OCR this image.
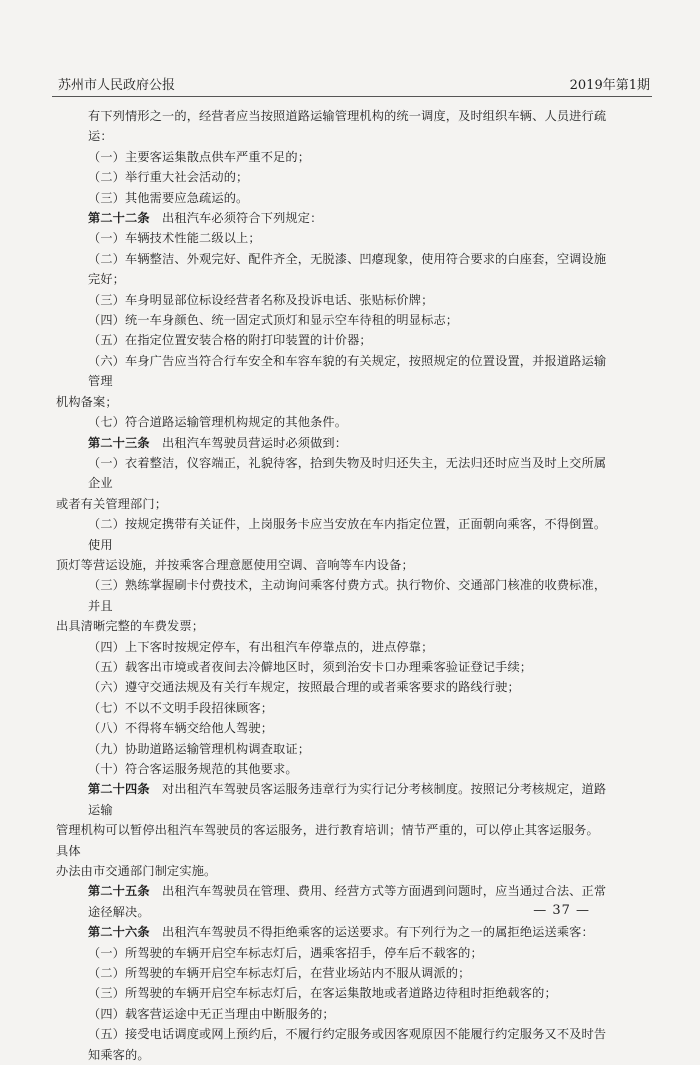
苏州市人民政府公报	2019年第1期

有下列情形之一的，经营者应当按照道路运输管理机构的统一调度，及时组织车辆、人员进行疏运：

（一）主要客运集散点供车严重不足的；

（二）举行重大社会活动的；

（三）其他需要应急疏运的。

第二十二条　 出租汽车必须符合下列规定：

（一）车辆技术性能二级以上；

（二）车辆整洁、外观完好、配件齐全，无脱漆、凹瘪现象，使用符合要求的白座套，空调设施完好；

（三）车身明显部位标设经营者名称及投诉电话、张贴标价牌；

（四）统一车身颜色、统一固定式顶灯和显示空车待租的明显标志；

（五）在指定位置安装合格的附打印装置的计价器；

（六）车身广告应当符合行车安全和车容车貌的有关规定，按照规定的位置设置，并报道路运输管理

机构备案；

（七）符合道路运输管理机构规定的其他条件。

第二十三条　 出租汽车驾驶员营运时必须做到：

（一）衣着整洁，仪容端正，礼貌待客，拾到失物及时归还失主，无法归还时应当及时上交所属企业

或者有关管理部门；

（二）按规定携带有关证件，上岗服务卡应当安放在车内指定位置，正面朝向乘客，不得倒置。使用

顶灯等营运设施，并按乘客合理意愿使用空调、音响等车内设备；

（三）熟练掌握刷卡付费技术，主动询问乘客付费方式。执行物价、交通部门核准的收费标准，并且

出具清晰完整的车费发票；

（四）上下客时按规定停车，有出租汽车停靠点的，进点停靠；

（五）载客出市境或者夜间去冷僻地区时，须到治安卡口办理乘客验证登记手续；

（六）遵守交通法规及有关行车规定，按照最合理的或者乘客要求的路线行驶；

（七）不以不文明手段招徕顾客；

（八）不得将车辆交给他人驾驶；

（九）协助道路运输管理机构调查取证；

（十）符合客运服务规范的其他要求。

第二十四条　 对出租汽车驾驶员客运服务违章行为实行记分考核制度。按照记分考核规定，道路运输

管理机构可以暂停出租汽车驾驶员的客运服务，进行教育培训；情节严重的，可以停止其客运服务。具体

办法由市交通部门制定实施。

第二十五条　 出租汽车驾驶员在管理、费用、经营方式等方面遇到问题时，应当通过合法、正常途径解决。

第二十六条　 出租汽车驾驶员不得拒绝乘客的运送要求。有下列行为之一的属拒绝运送乘客：

（一）所驾驶的车辆开启空车标志灯后，遇乘客招手，停车后不载客的；

（二）所驾驶的车辆开启空车标志灯后，在营业场站内不服从调派的；

（三）所驾驶的车辆开启空车标志灯后，在客运集散地或者道路边待租时拒绝载客的；

（四）载客营运途中无正当理由中断服务的；

（五）接受电话调度或网上预约后，不履行约定服务或因客观原因不能履行约定服务又不及时告知乘客的。

— 37 —
